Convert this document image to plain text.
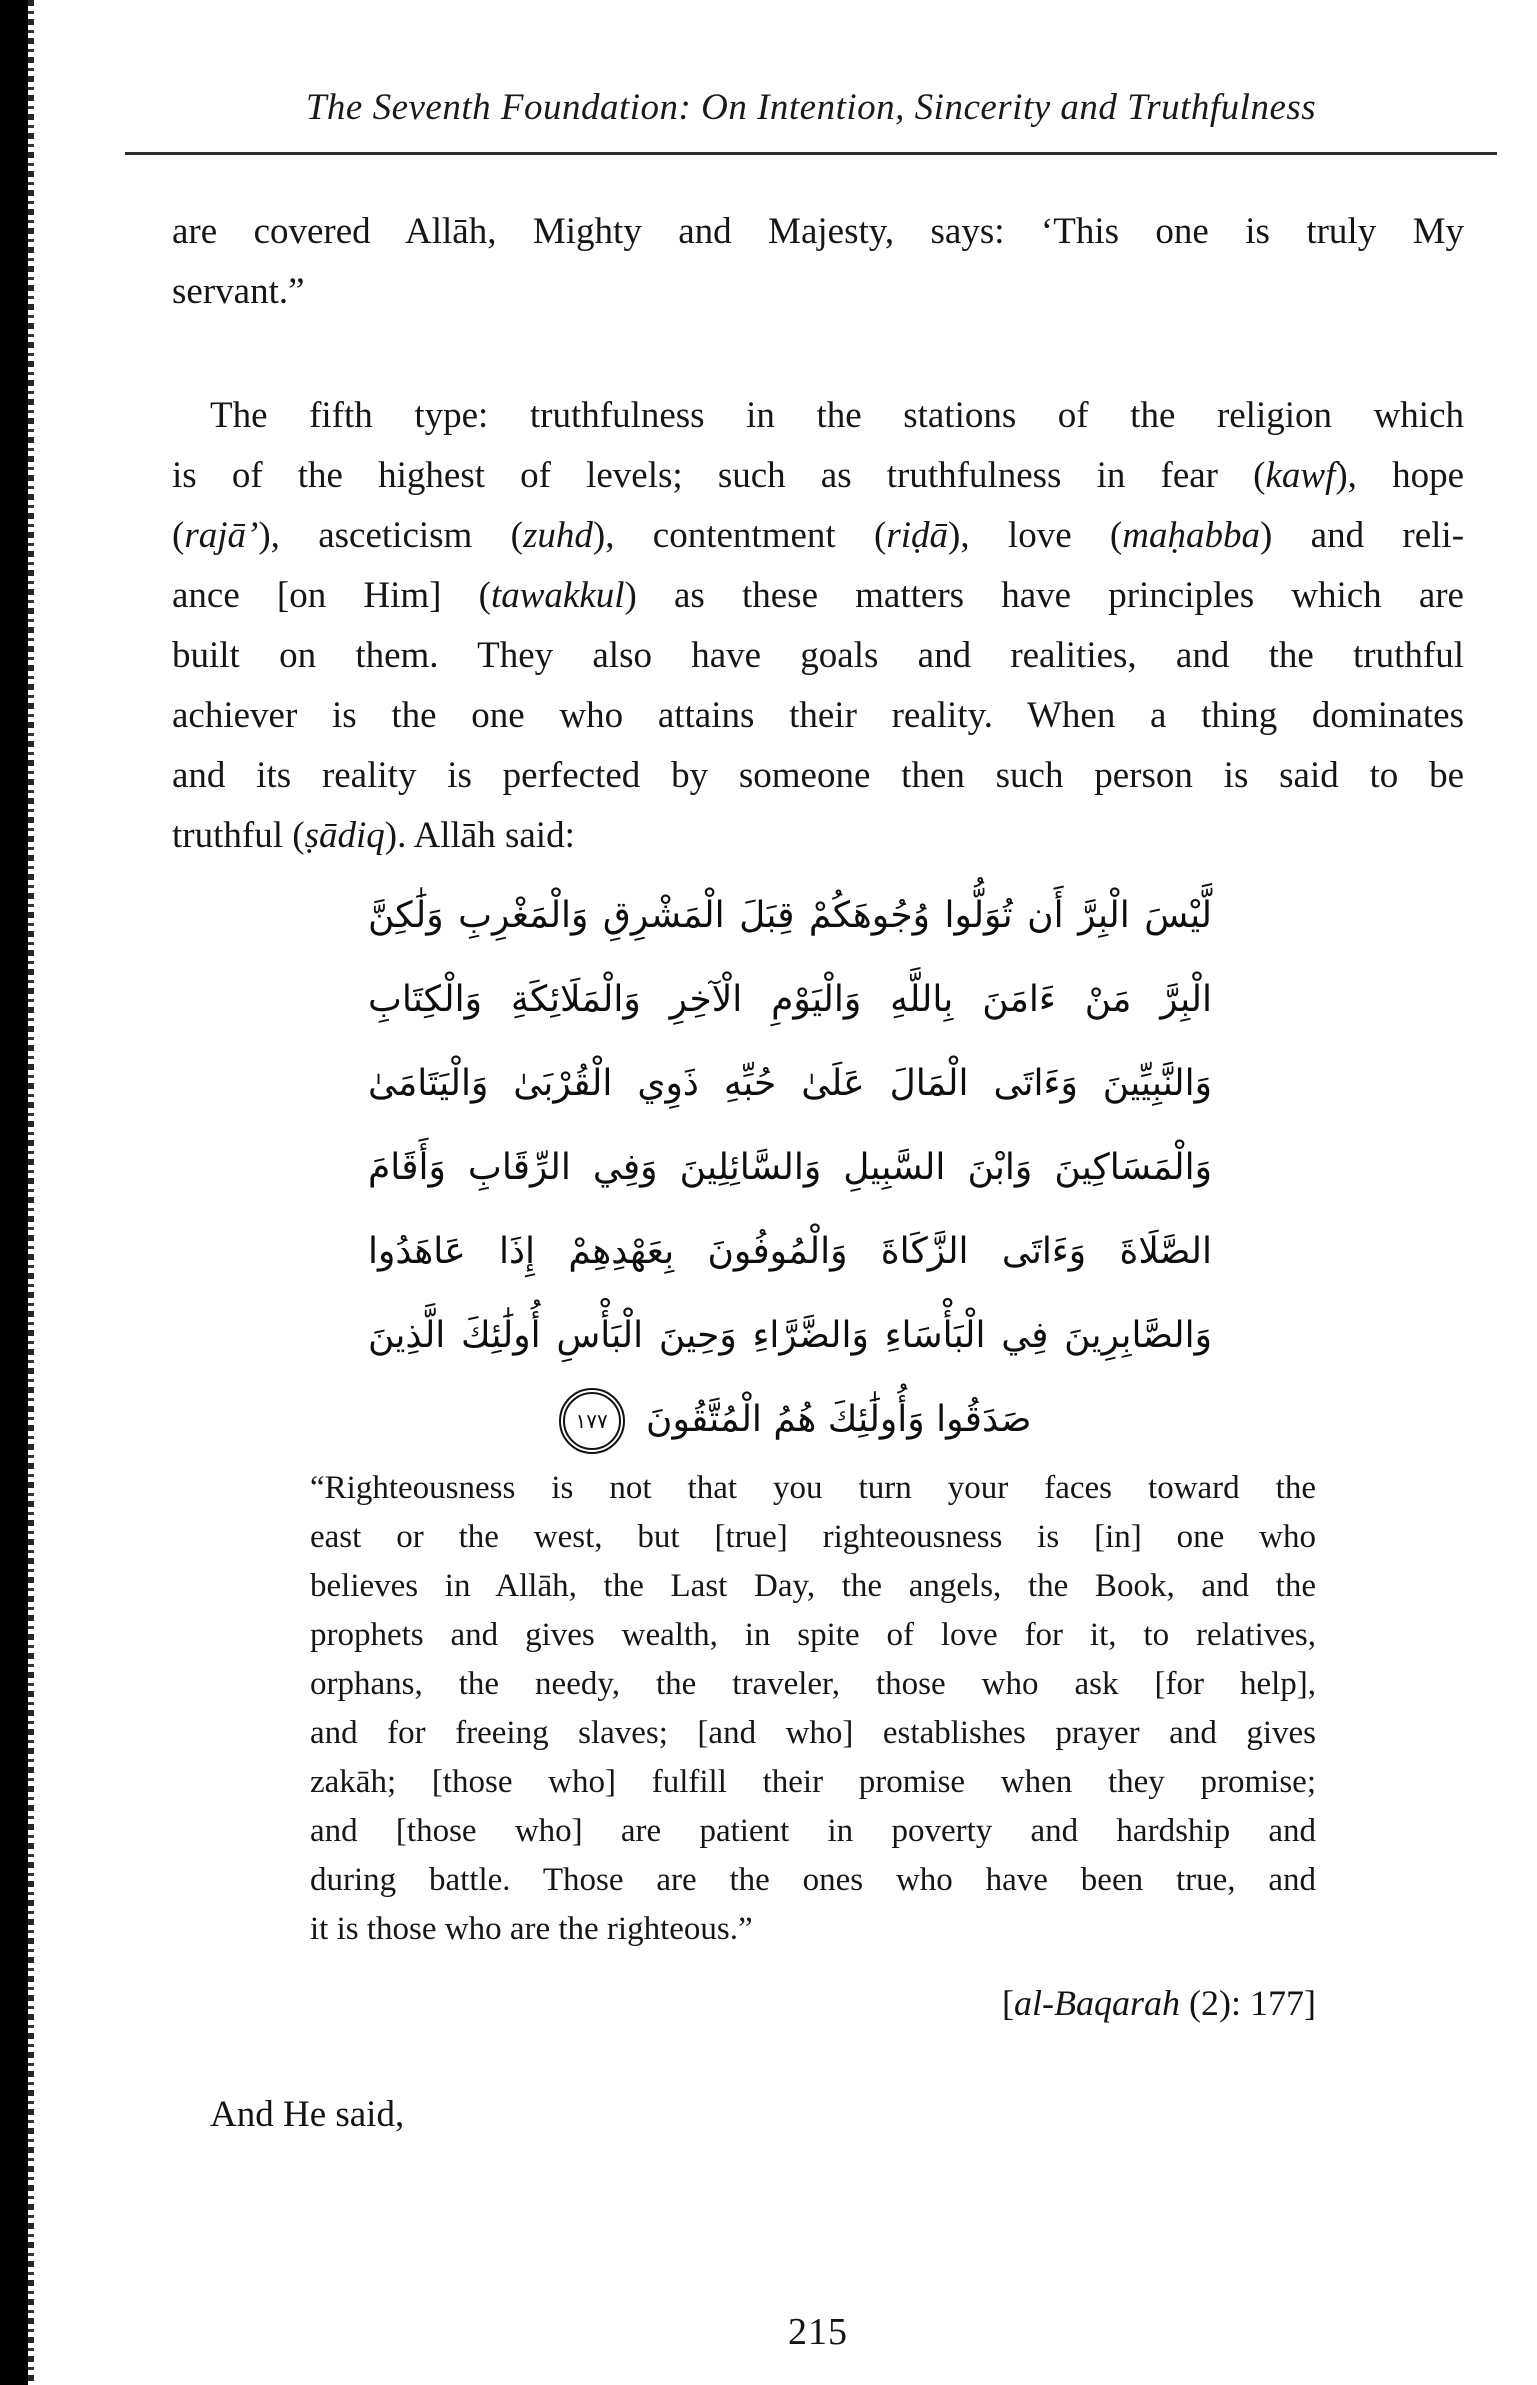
The Seventh Foundation: On Intention, Sincerity and Truthfulness
are covered Allāh, Mighty and Majesty, says: ‘This one is truly My
servant.”
The fifth type: truthfulness in the stations of the religion which
is of the highest of levels; such as truthfulness in fear (kawf), hope
(rajā’), asceticism (zuhd), contentment (riḍā), love (maḥabba) and reli-
ance [on Him] (tawakkul) as these matters have principles which are
built on them. They also have goals and realities, and the truthful
achiever is the one who attains their reality. When a thing dominates
and its reality is perfected by someone then such person is said to be
truthful (ṣādiq). Allāh said:
لَّيْسَ الْبِرَّ أَن تُوَلُّوا وُجُوهَكُمْ قِبَلَ الْمَشْرِقِ وَالْمَغْرِبِ وَلَٰكِنَّ
الْبِرَّ مَنْ ءَامَنَ بِاللَّهِ وَالْيَوْمِ الْآخِرِ وَالْمَلَائِكَةِ وَالْكِتَابِ
وَالنَّبِيِّينَ وَءَاتَى الْمَالَ عَلَىٰ حُبِّهِ ذَوِي الْقُرْبَىٰ وَالْيَتَامَىٰ
وَالْمَسَاكِينَ وَابْنَ السَّبِيلِ وَالسَّائِلِينَ وَفِي الرِّقَابِ وَأَقَامَ
الصَّلَاةَ وَءَاتَى الزَّكَاةَ وَالْمُوفُونَ بِعَهْدِهِمْ إِذَا عَاهَدُوا
وَالصَّابِرِينَ فِي الْبَأْسَاءِ وَالضَّرَّاءِ وَحِينَ الْبَأْسِ أُولَٰئِكَ الَّذِينَ
صَدَقُوا وَأُولَٰئِكَ هُمُ الْمُتَّقُونَ ١٧٧
“Righteousness is not that you turn your faces toward the
east or the west, but [true] righteousness is [in] one who
believes in Allāh, the Last Day, the angels, the Book, and the
prophets and gives wealth, in spite of love for it, to relatives,
orphans, the needy, the traveler, those who ask [for help],
and for freeing slaves; [and who] establishes prayer and gives
zakāh; [those who] fulfill their promise when they promise;
and [those who] are patient in poverty and hardship and
during battle. Those are the ones who have been true, and
it is those who are the righteous.”
[al-Baqarah (2): 177]
And He said,
215
